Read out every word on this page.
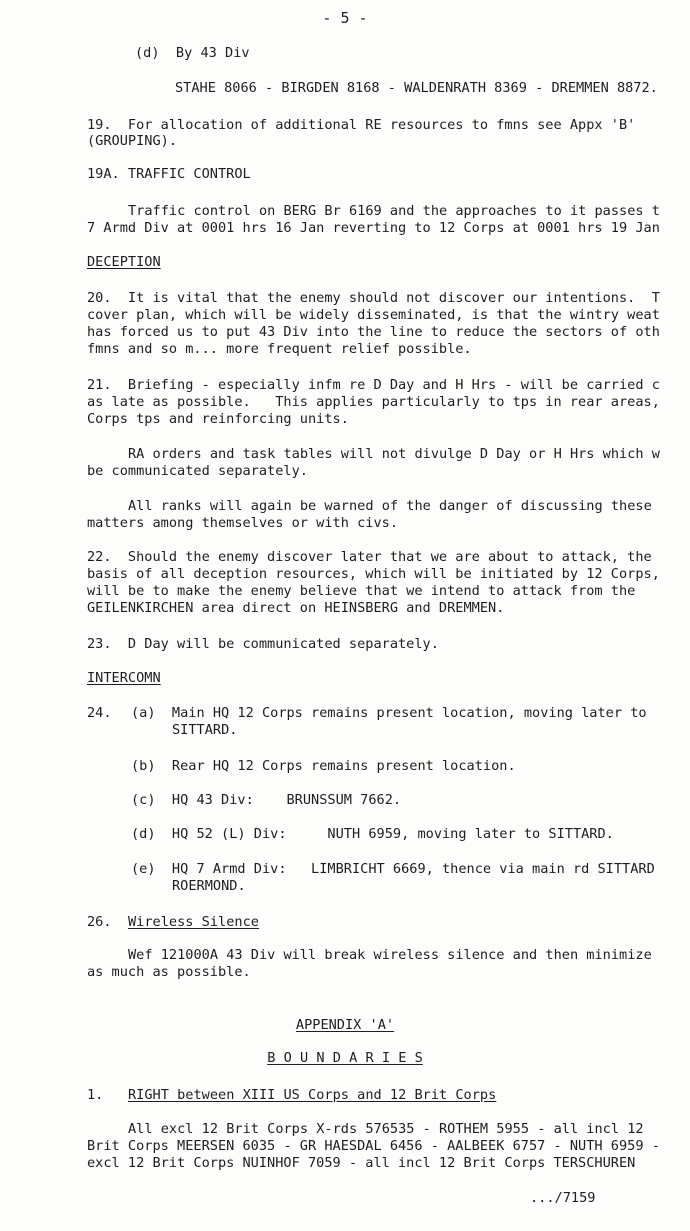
- 5 -
(d)  By 43 Div
STAHE 8066 - BIRGDEN 8168 - WALDENRATH 8369 - DREMMEN 8872.
19.  For allocation of additional RE resources to fmns see Appx 'B'
(GROUPING).
19A. TRAFFIC CONTROL
Traffic control on BERG Br 6169 and the approaches to it passes t
7 Armd Div at 0001 hrs 16 Jan reverting to 12 Corps at 0001 hrs 19 Jan
DECEPTION
20.  It is vital that the enemy should not discover our intentions.  T
cover plan, which will be widely disseminated, is that the wintry weat
has forced us to put 43 Div into the line to reduce the sectors of oth
fmns and so m... more frequent relief possible.
21.  Briefing - especially infm re D Day and H Hrs - will be carried c
as late as possible.   This applies particularly to tps in rear areas,
Corps tps and reinforcing units.
RA orders and task tables will not divulge D Day or H Hrs which w
be communicated separately.
All ranks will again be warned of the danger of discussing these
matters among themselves or with civs.
22.  Should the enemy discover later that we are about to attack, the
basis of all deception resources, which will be initiated by 12 Corps,
will be to make the enemy believe that we intend to attack from the
GEILENKIRCHEN area direct on HEINSBERG and DREMMEN.
23.  D Day will be communicated separately.
INTERCOMN
24. (a)  Main HQ 12 Corps remains present location, moving later to
SITTARD.
(b)  Rear HQ 12 Corps remains present location.
(c)  HQ 43 Div:    BRUNSSUM 7662.
(d)  HQ 52 (L) Div:     NUTH 6959, moving later to SITTARD.
(e)  HQ 7 Armd Div:   LIMBRICHT 6669, thence via main rd SITTARD
ROERMOND.
26. Wireless Silence
Wef 121000A 43 Div will break wireless silence and then minimize
as much as possible.
APPENDIX 'A'
B O U N D A R I E S
1. RIGHT between XIII US Corps and 12 Brit Corps
All excl 12 Brit Corps X-rds 576535 - ROTHEM 5955 - all incl 12
Brit Corps MEERSEN 6035 - GR HAESDAL 6456 - AALBEEK 6757 - NUTH 6959 -
excl 12 Brit Corps NUINHOF 7059 - all incl 12 Brit Corps TERSCHUREN
.../7159
